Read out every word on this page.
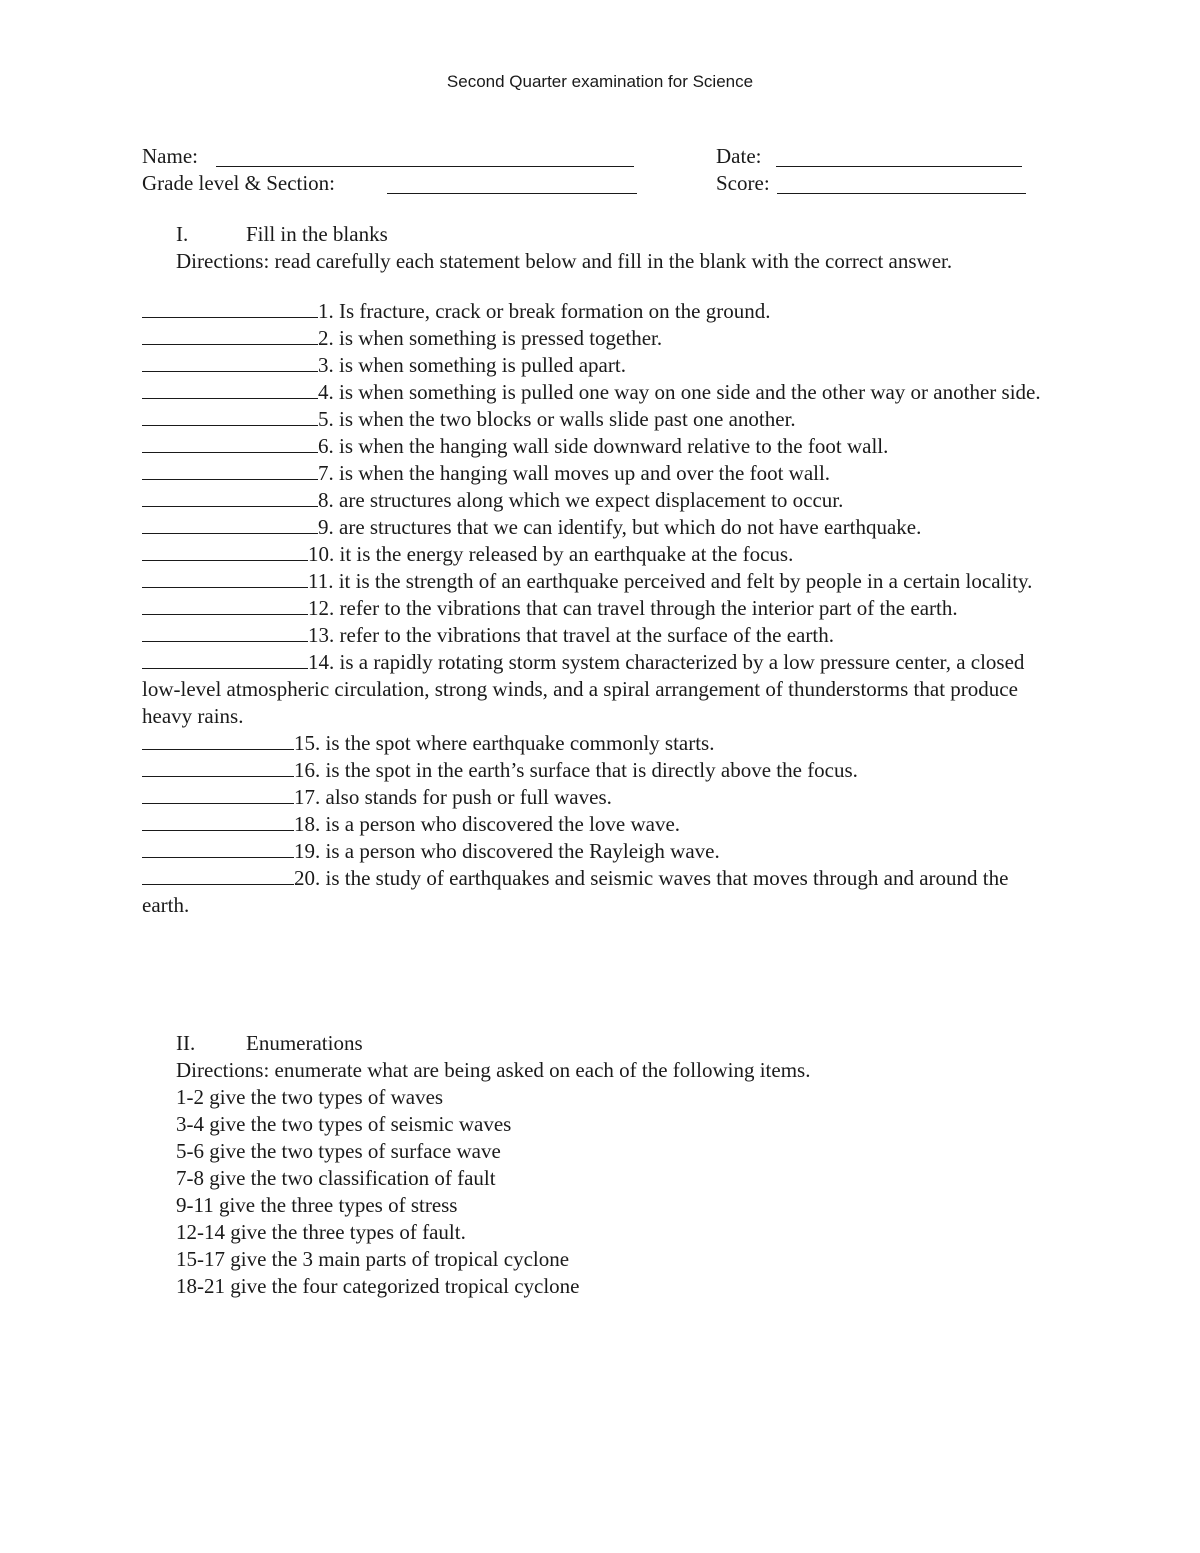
Second Quarter examination for Science
Name:	Date:
Grade level & Section:	Score:
I.	Fill in the blanks
Directions: read carefully each statement below and fill in the blank with the correct answer.
1. Is fracture, crack or break formation on the ground.
2. is when something is pressed together.
3. is when something is pulled apart.
4. is when something is pulled one way on one side and the other way or another side.
5. is when the two blocks or walls slide past one another.
6. is when the hanging wall side downward relative to the foot wall.
7. is when the hanging wall moves up and over the foot wall.
8. are structures along which we expect displacement to occur.
9. are structures that we can identify, but which do not have earthquake.
10. it is the energy released by an earthquake at the focus.
11. it is the strength of an earthquake perceived and felt by people in a certain locality.
12. refer to the vibrations that can travel through the interior part of the earth.
13. refer to the vibrations that travel at the surface of the earth.
14. is a rapidly rotating storm system characterized by a low pressure center, a closed low-level atmospheric circulation, strong winds, and a spiral arrangement of thunderstorms that produce heavy rains.
15. is the spot where earthquake commonly starts.
16. is the spot in the earth’s surface that is directly above the focus.
17. also stands for push or full waves.
18. is a person who discovered the love wave.
19. is a person who discovered the Rayleigh wave.
20. is the study of earthquakes and seismic waves that moves through and around the earth.
II. Enumerations
Directions: enumerate what are being asked on each of the following items.
1-2 give the two types of waves
3-4 give the two types of seismic waves
5-6 give the two types of surface wave
7-8 give the two classification of fault
9-11 give the three types of stress
12-14 give the three types of fault.
15-17 give the 3 main parts of tropical cyclone
18-21 give the four categorized tropical cyclone
